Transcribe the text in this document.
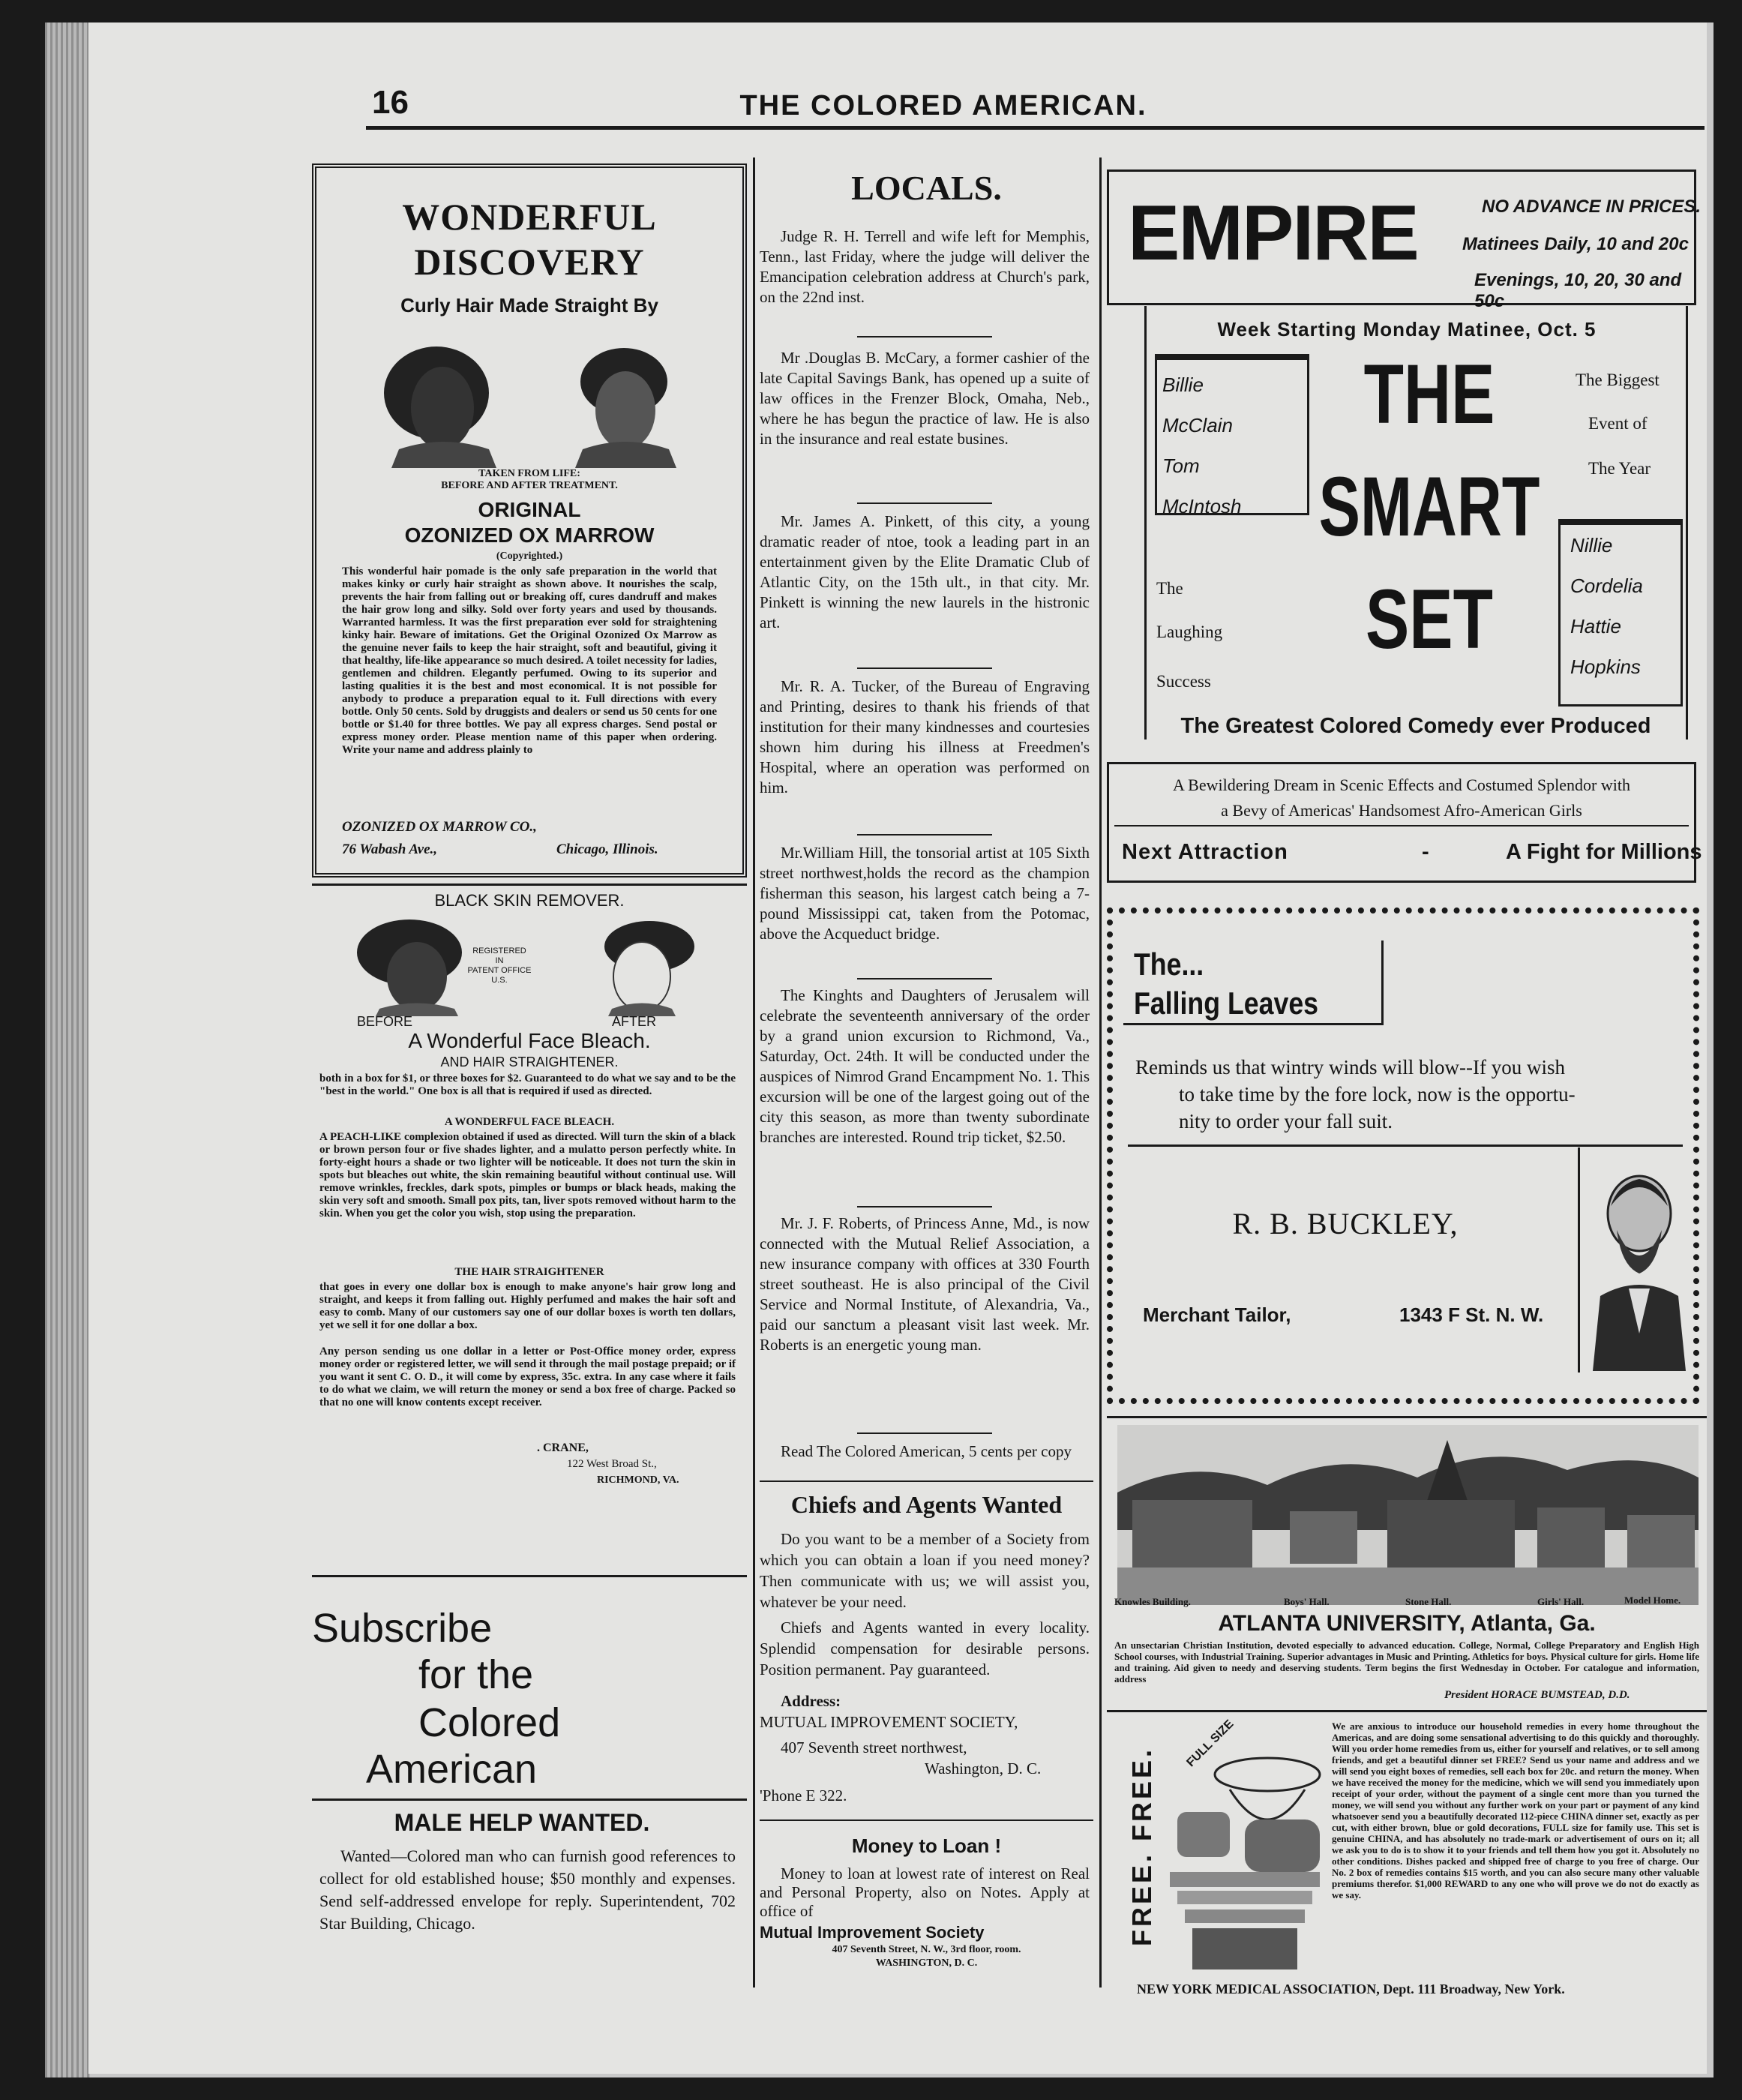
16	THE COLORED AMERICAN.
WONDERFUL
DISCOVERY
Curly Hair Made Straight By
TAKEN FROM LIFE:
BEFORE AND AFTER TREATMENT.
ORIGINAL
OZONIZED OX MARROW
(Copyrighted.)
This wonderful hair pomade is the only safe preparation in the world that makes kinky or curly hair straight as shown above. It nourishes the scalp, prevents the hair from falling out or breaking off, cures dandruff and makes the hair grow long and silky. Sold over forty years and used by thousands. Warranted harmless. It was the first preparation ever sold for straightening kinky hair. Beware of imitations. Get the Original Ozonized Ox Marrow as the genuine never fails to keep the hair straight, soft and beautiful, giving it that healthy, life-like appearance so much desired. A toilet necessity for ladies, gentlemen and children. Elegantly perfumed. Owing to its superior and lasting qualities it is the best and most economical. It is not possible for anybody to produce a preparation equal to it. Full directions with every bottle. Only 50 cents. Sold by druggists and dealers or send us 50 cents for one bottle or $1.40 for three bottles. We pay all express charges. Send postal or express money order. Please mention name of this paper when ordering. Write your name and address plainly to
OZONIZED OX MARROW CO.,
76 Wabash Ave.,	Chicago, Illinois.
BLACK SKIN REMOVER.
REGISTERED
IN
PATENT OFFICE
U.S.
BEFORE	AFTER
A Wonderful Face Bleach.
AND HAIR STRAIGHTENER.
both in a box for $1, or three boxes for $2. Guaranteed to do what we say and to be the "best in the world." One box is all that is required if used as directed.
A WONDERFUL FACE BLEACH.
A PEACH-LIKE complexion obtained if used as directed. Will turn the skin of a black or brown person four or five shades lighter, and a mulatto person perfectly white. In forty-eight hours a shade or two lighter will be noticeable. It does not turn the skin in spots but bleaches out white, the skin remaining beautiful without continual use. Will remove wrinkles, freckles, dark spots, pimples or bumps or black heads, making the skin very soft and smooth. Small pox pits, tan, liver spots removed without harm to the skin. When you get the color you wish, stop using the preparation.
THE HAIR STRAIGHTENER
that goes in every one dollar box is enough to make anyone's hair grow long and straight, and keeps it from falling out. Highly perfumed and makes the hair soft and easy to comb. Many of our customers say one of our dollar boxes is worth ten dollars, yet we sell it for one dollar a box.
Any person sending us one dollar in a letter or Post-Office money order, express money order or registered letter, we will send it through the mail postage prepaid; or if you want it sent C. O. D., it will come by express, 35c. extra. In any case where it fails to do what we claim, we will return the money or send a box free of charge. Packed so that no one will know contents except receiver.
. CRANE,
122 West Broad St.,
RICHMOND, VA.
Subscribe
for the
Colored
American
MALE HELP WANTED.
Wanted—Colored man who can furnish good references to collect for old established house; $50 monthly and expenses. Send self-addressed envelope for reply. Superintendent, 702 Star Building, Chicago.
LOCALS.
Judge R. H. Terrell and wife left for Memphis, Tenn., last Friday, where the judge will deliver the Emancipation celebration address at Church's park, on the 22nd inst.
Mr .Douglas B. McCary, a former cashier of the late Capital Savings Bank, has opened up a suite of law offices in the Frenzer Block, Omaha, Neb., where he has begun the practice of law. He is also in the insurance and real estate busines.
Mr. James A. Pinkett, of this city, a young dramatic reader of ntoe, took a leading part in an entertainment given by the Elite Dramatic Club of Atlantic City, on the 15th ult., in that city. Mr. Pinkett is winning the new laurels in the histronic art.
Mr. R. A. Tucker, of the Bureau of Engraving and Printing, desires to thank his friends of that institution for their many kindnesses and courtesies shown him during his illness at Freedmen's Hospital, where an operation was performed on him.
Mr.William Hill, the tonsorial artist at 105 Sixth street northwest,holds the record as the champion fisherman this season, his largest catch being a 7-pound Mississippi cat, taken from the Potomac, above the Acqueduct bridge.
The Kinghts and Daughters of Jerusalem will celebrate the seventeenth anniversary of the order by a grand union excursion to Richmond, Va., Saturday, Oct. 24th. It will be conducted under the auspices of Nimrod Grand Encampment No. 1. This excursion will be one of the largest going out of the city this season, as more than twenty subordinate branches are interested. Round trip ticket, $2.50.
Mr. J. F. Roberts, of Princess Anne, Md., is now connected with the Mutual Relief Association, a new insurance company with offices at 330 Fourth street southeast. He is also principal of the Civil Service and Normal Institute, of Alexandria, Va., paid our sanctum a pleasant visit last week. Mr. Roberts is an energetic young man.
Read The Colored American, 5 cents per copy
Chiefs and Agents Wanted
Do you want to be a member of a Society from which you can obtain a loan if you need money? Then communicate with us; we will assist you, whatever be your need.
Chiefs and Agents wanted in every locality. Splendid compensation for desirable persons. Position permanent. Pay guaranteed.
Address:
MUTUAL IMPROVEMENT SOCIETY,
407 Seventh street northwest,
Washington, D. C.
'Phone E 322.
Money to Loan !
Money to loan at lowest rate of interest on Real and Personal Property, also on Notes. Apply at office of
Mutual Improvement Society
407 Seventh Street, N. W., 3rd floor, room.
WASHINGTON, D. C.
EMPIRE	NO ADVANCE IN PRICES.
Matinees Daily, 10 and 20c
Evenings, 10, 20, 30 and 50c
Week Starting Monday Matinee, Oct. 5
Billie
McClain
Tom
McIntosh
THE
SMART
SET
The Biggest
Event of
The Year
Nillie
Cordelia
Hattie
Hopkins
The
Laughing
Success
The Greatest Colored Comedy ever Produced
A Bewildering Dream in Scenic Effects and Costumed Splendor with
a Bevy of Americas' Handsomest Afro-American Girls
Next Attraction	-	A Fight for Millions
The...
Falling Leaves
Reminds us that wintry winds will blow--If you wish
to take time by the fore lock, now is the opportu-
nity to order your fall suit.
R. B. BUCKLEY,
Merchant Tailor,	1343 F St. N. W.
Knowles Building.	Boys' Hall.	Stone Hall.	Girls' Hall.	Model Home.
ATLANTA UNIVERSITY, Atlanta, Ga.
An unsectarian Christian Institution, devoted especially to advanced education. College, Normal, College Preparatory and English High School courses, with Industrial Training. Superior advantages in Music and Printing. Athletics for boys. Physical culture for girls. Home life and training. Aid given to needy and deserving students. Term begins the first Wednesday in October. For catalogue and information, address
President HORACE BUMSTEAD, D.D.
FREE. FREE.
FULL SIZE	We are anxious to introduce our household remedies in every home throughout the Americas, and are doing some sensational advertising to do this quickly and thoroughly. Will you order home remedies from us, either for yourself and relatives, or to sell among friends, and get a beautiful dinner set FREE? Send us your name and address and we will send you eight boxes of remedies, sell each box for 20c. and return the money. When we have received the money for the medicine, which we will send you immediately upon receipt of your order, without the payment of a single cent more than you turned the money, we will send you without any further work on your part or payment of any kind whatsoever send you a beautifully decorated 112-piece CHINA dinner set, exactly as per cut, with either brown, blue or gold decorations, FULL size for family use. This set is genuine CHINA, and has absolutely no trade-mark or advertisement of ours on it; all we ask you to do is to show it to your friends and tell them how you got it. Absolutely no other conditions. Dishes packed and shipped free of charge to you free of charge. Our No. 2 box of remedies contains $15 worth, and you can also secure many other valuable premiums therefor. $1,000 REWARD to any one who will prove we do not do exactly as we say.
NEW YORK MEDICAL ASSOCIATION, Dept. 111 Broadway, New York.
